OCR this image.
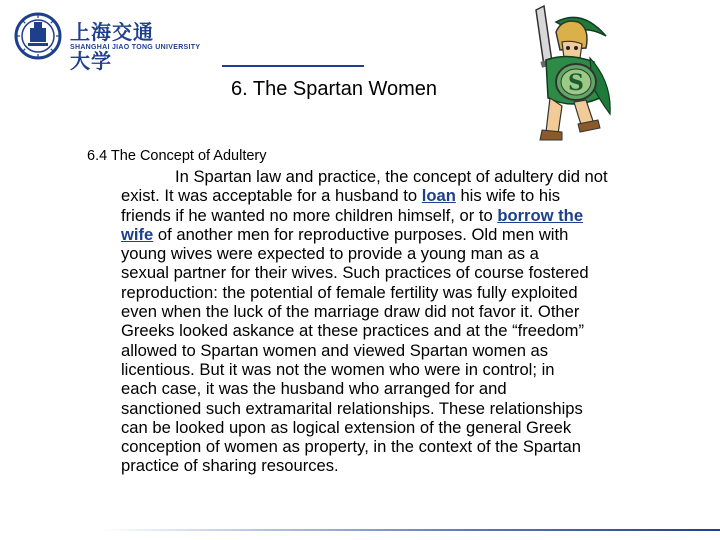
上海交通大学
SHANGHAI JIAO TONG UNIVERSITY
6. The Spartan Women	S
6.4 The Concept of Adultery
In Spartan law and practice, the concept of adultery did not
exist. It was acceptable for a husband to loan his wife to his
friends if he wanted no more children himself, or to borrow the
wife of another men for reproductive purposes. Old men with
young wives were expected to provide a young man as a
sexual partner for their wives. Such practices of course fostered
reproduction: the potential of female fertility was fully exploited
even when the luck of the marriage draw did not favor it. Other
Greeks looked askance at these practices and at the “freedom”
allowed to Spartan women and viewed Spartan women as
licentious. But it was not the women who were in control; in
each case, it was the husband who arranged for and
sanctioned such extramarital relationships. These relationships
can be looked upon as logical extension of the general Greek
conception of women as property, in the context of the Spartan
practice of sharing resources.
